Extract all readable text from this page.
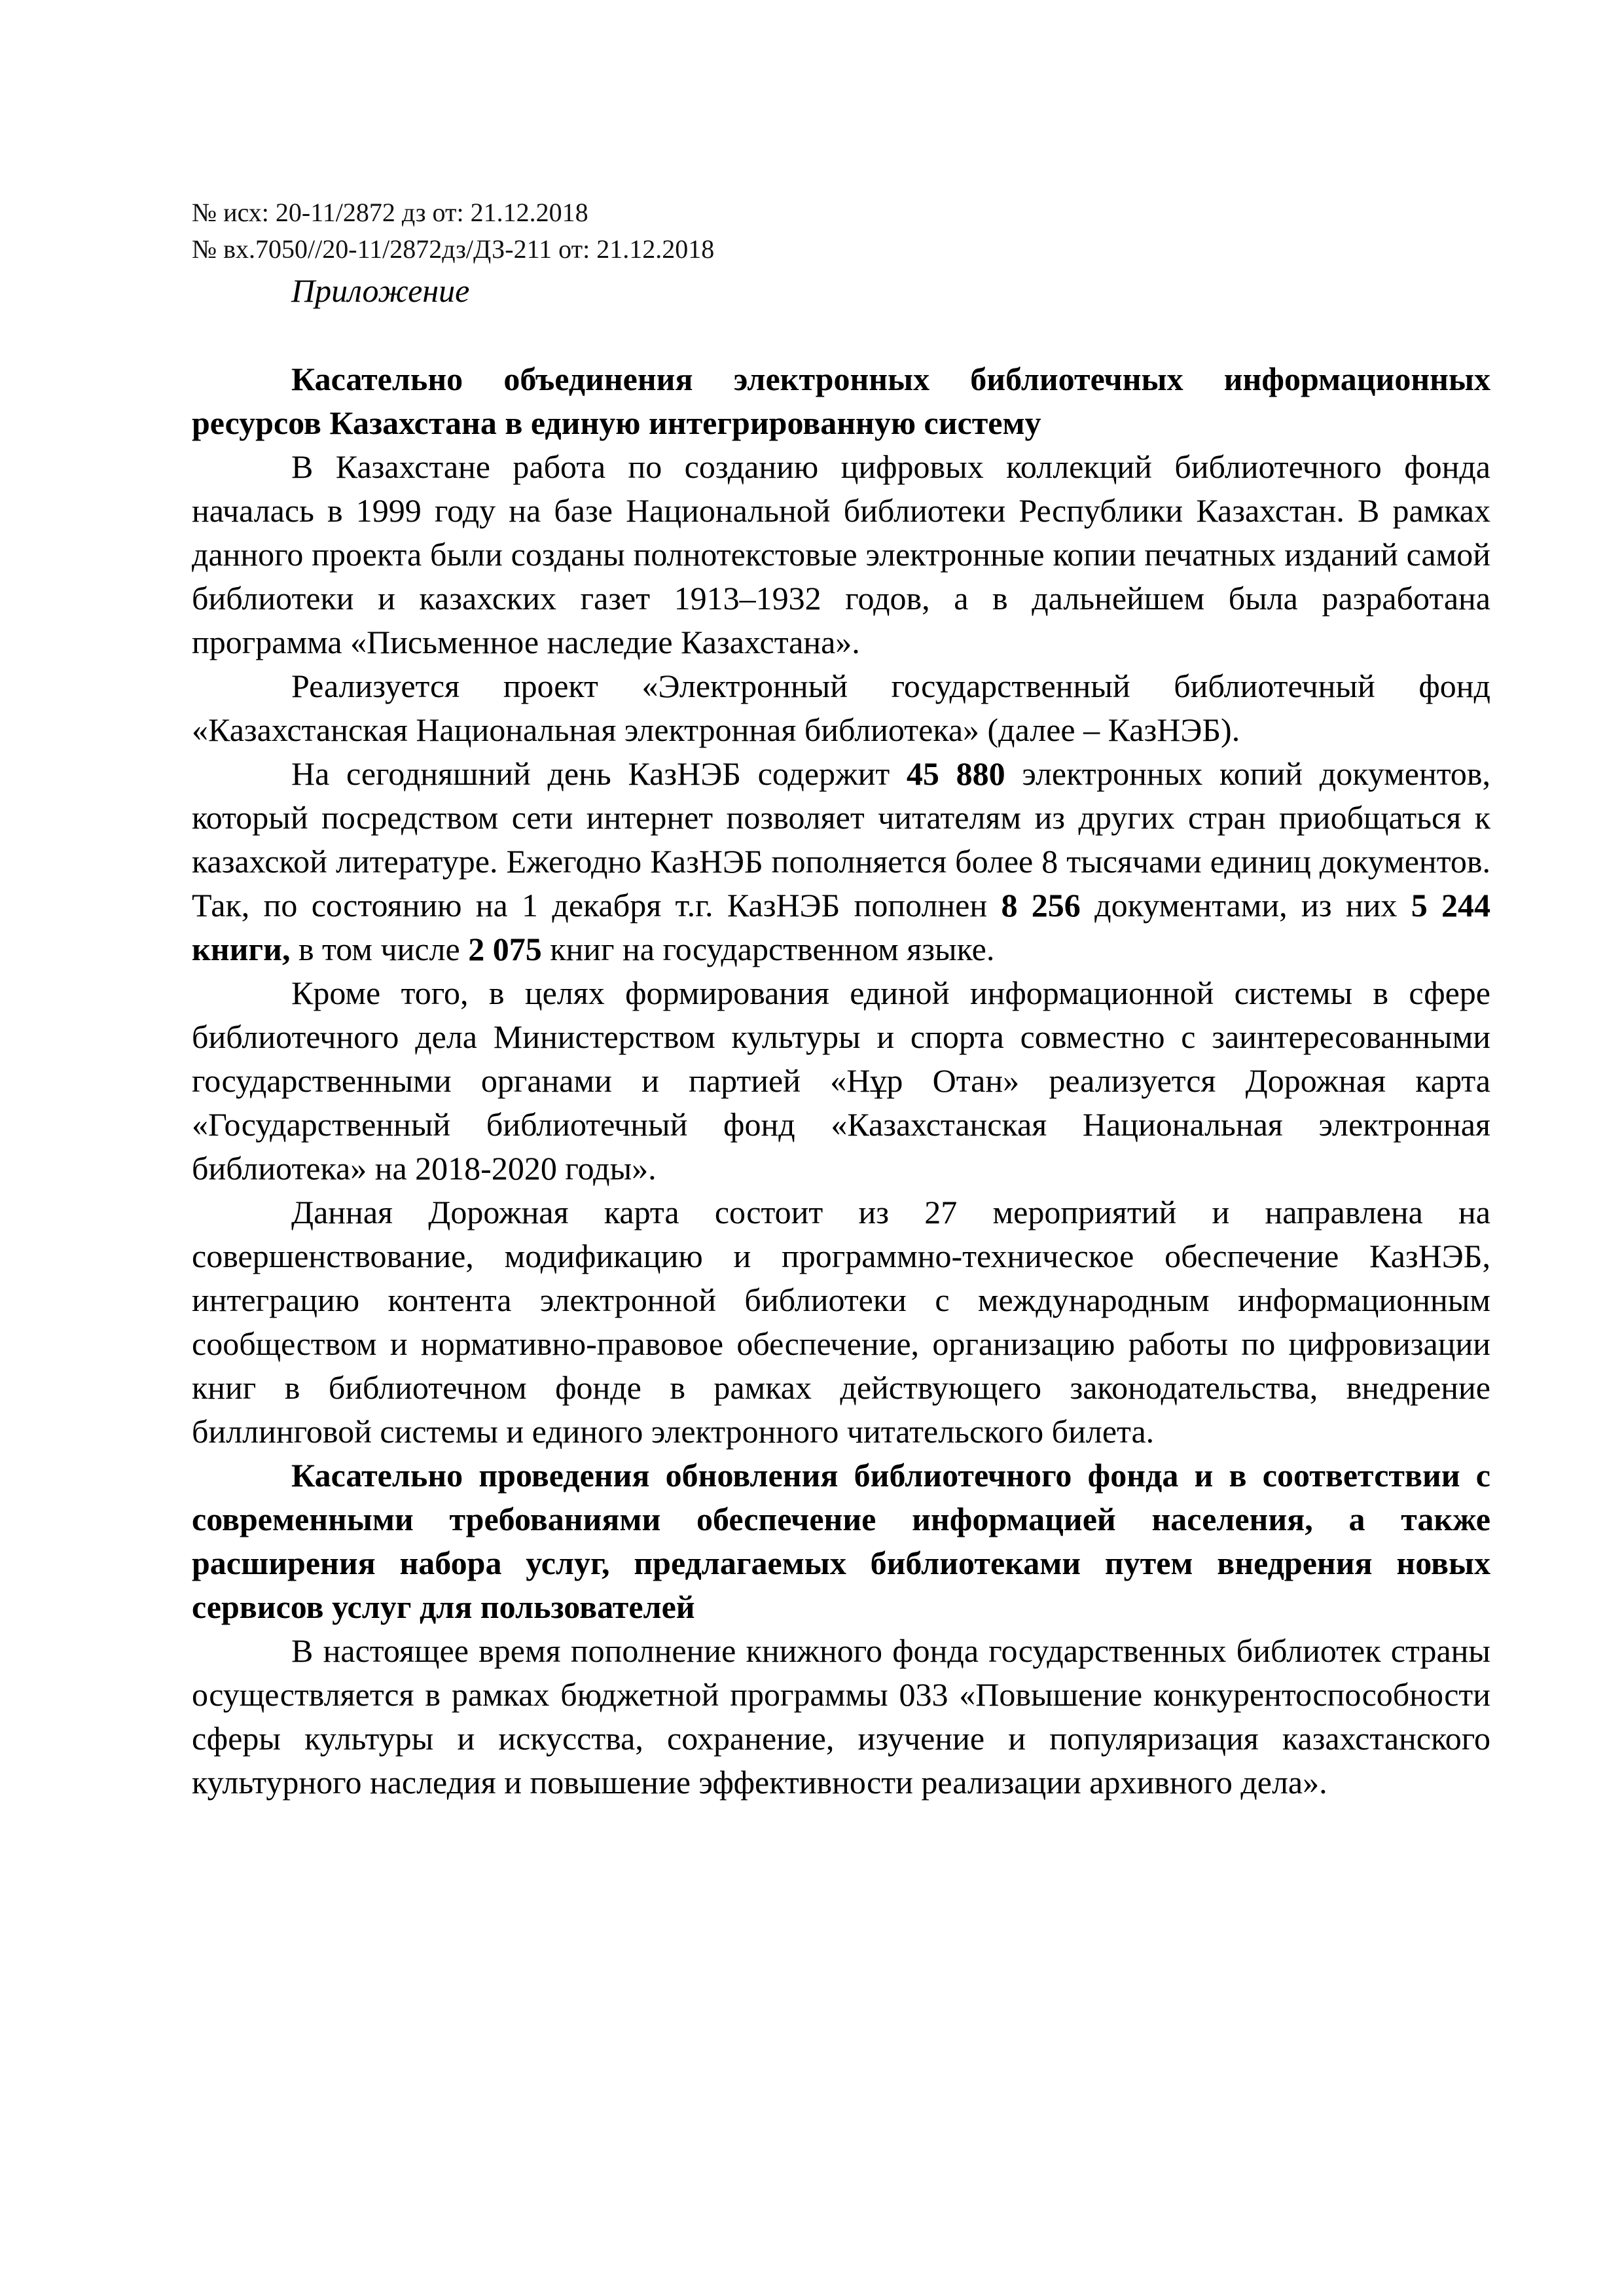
№ исх: 20-11/2872 дз от: 21.12.2018
№ вх.7050//20-11/2872дз/ДЗ-211 от: 21.12.2018
Приложение

Касательно объединения электронных библиотечных информационных ресурсов Казахстана в единую интегрированную систему

В Казахстане работа по созданию цифровых коллекций библиотечного фонда началась в 1999 году на базе Национальной библиотеки Республики Казахстан. В рамках данного проекта были созданы полнотекстовые электронные копии печатных изданий самой библиотеки и казахских газет 1913–1932 годов, а в дальнейшем была разработана программа «Письменное наследие Казахстана».

Реализуется проект «Электронный государственный библиотечный фонд «Казахстанская Национальная электронная библиотека» (далее – КазНЭБ).

На сегодняшний день КазНЭБ содержит 45 880 электронных копий документов, который посредством сети интернет позволяет читателям из других стран приобщаться к казахской литературе. Ежегодно КазНЭБ пополняется более 8 тысячами единиц документов. Так, по состоянию на 1 декабря т.г. КазНЭБ пополнен 8 256 документами, из них 5 244 книги, в том числе 2 075 книг на государственном языке.

Кроме того, в целях формирования единой информационной системы в сфере библиотечного дела Министерством культуры и спорта совместно с заинтересованными государственными органами и партией «Нұр Отан» реализуется Дорожная карта «Государственный библиотечный фонд «Казахстанская Национальная электронная библиотека» на 2018-2020 годы».

Данная Дорожная карта состоит из 27 мероприятий и направлена на совершенствование, модификацию и программно-техническое обеспечение КазНЭБ, интеграцию контента электронной библиотеки с международным информационным сообществом и нормативно-правовое обеспечение, организацию работы по цифровизации книг в библиотечном фонде в рамках действующего законодательства, внедрение биллинговой системы и единого электронного читательского билета.

Касательно проведения обновления библиотечного фонда и в соответствии с современными требованиями обеспечение информацией населения, а также расширения набора услуг, предлагаемых библиотеками путем внедрения новых сервисов услуг для пользователей

В настоящее время пополнение книжного фонда государственных библиотек страны осуществляется в рамках бюджетной программы 033 «Повышение конкурентоспособности сферы культуры и искусства, сохранение, изучение и популяризация казахстанского культурного наследия и повышение эффективности реализации архивного дела».
